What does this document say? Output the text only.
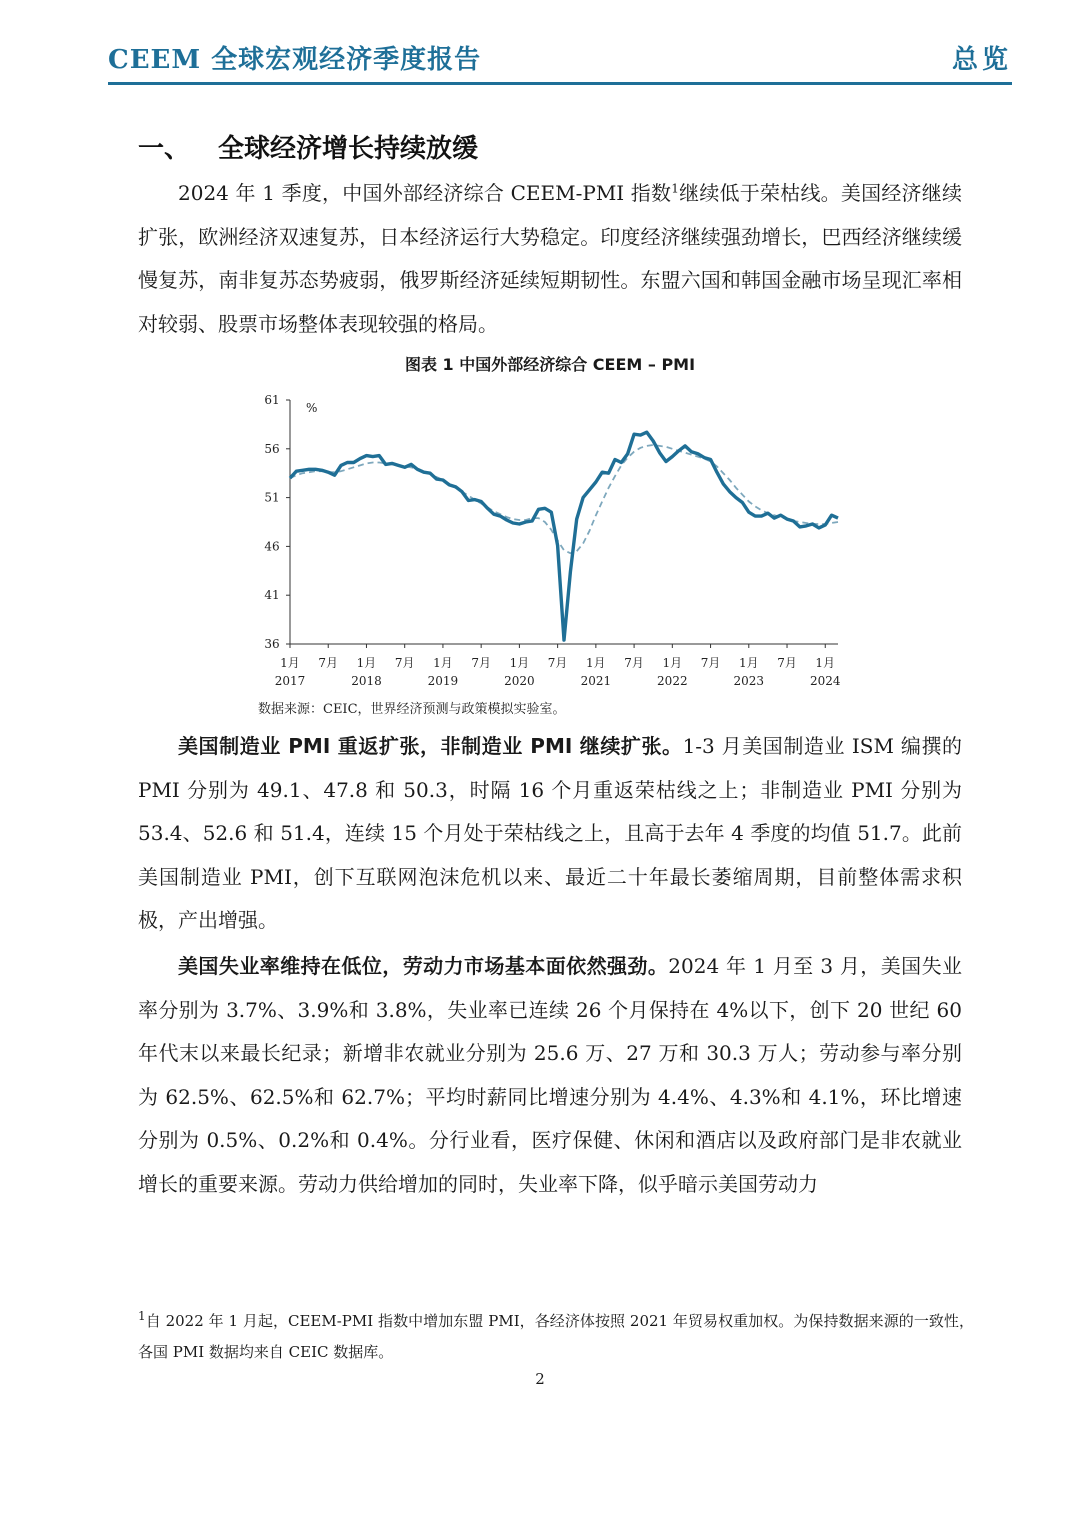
CEEM 全球宏观经济季度报告	总览
一、 全球经济增长持续放缓

2024 年 1 季度，中国外部经济综合 CEEM-PMI 指数$^1$继续低于荣枯线。美国经济继续扩张，欧洲经济双速复苏，日本经济运行大势稳定。印度经济继续强劲增长，巴西经济继续缓慢复苏，南非复苏态势疲弱，俄罗斯经济延续短期韧性。东盟六国和韩国金融市场呈现汇率相对较弱、股票市场整体表现较强的格局。

图表 1 中国外部经济综合 CEEM – PMI
61
56
51
46
41
36
%
1月
2017
7月 1月
2018
7月 1月
2019
7月 1月
2020
7月 1月
2021
7月 1月
2022
7月 1月
2023
7月 1月
2024
数据来源：CEIC，世界经济预测与政策模拟实验室。

美国制造业 PMI 重返扩张，非制造业 PMI 继续扩张。1-3 月美国制造业 ISM 编撰的 PMI 分别为 49.1、47.8 和 50.3，时隔 16 个月重返荣枯线之上；非制造业 PMI 分别为 53.4、52.6 和 51.4，连续 15 个月处于荣枯线之上，且高于去年 4 季度的均值 51.7。此前美国制造业 PMI，创下互联网泡沫危机以来、最近二十年最长萎缩周期，目前整体需求积极，产出增强。

美国失业率维持在低位，劳动力市场基本面依然强劲。2024 年 1 月至 3 月，美国失业率分别为 3.7%、3.9%和 3.8%，失业率已连续 26 个月保持在 4%以下，创下 20 世纪 60 年代末以来最长纪录；新增非农就业分别为 25.6 万、27 万和 30.3 万人；劳动参与率分别为 62.5%、62.5%和 62.7%；平均时薪同比增速分别为 4.4%、4.3%和 4.1%，环比增速分别为 0.5%、0.2%和 0.4%。分行业看，医疗保健、休闲和酒店以及政府部门是非农就业增长的重要来源。劳动力供给增加的同时，失业率下降，似乎暗示美国劳动力

$^1$自 2022 年 1 月起，CEEM-PMI 指数中增加东盟 PMI，各经济体按照 2021 年贸易权重加权。为保持数据来源的一致性，各国 PMI 数据均来自 CEIC 数据库。

2
